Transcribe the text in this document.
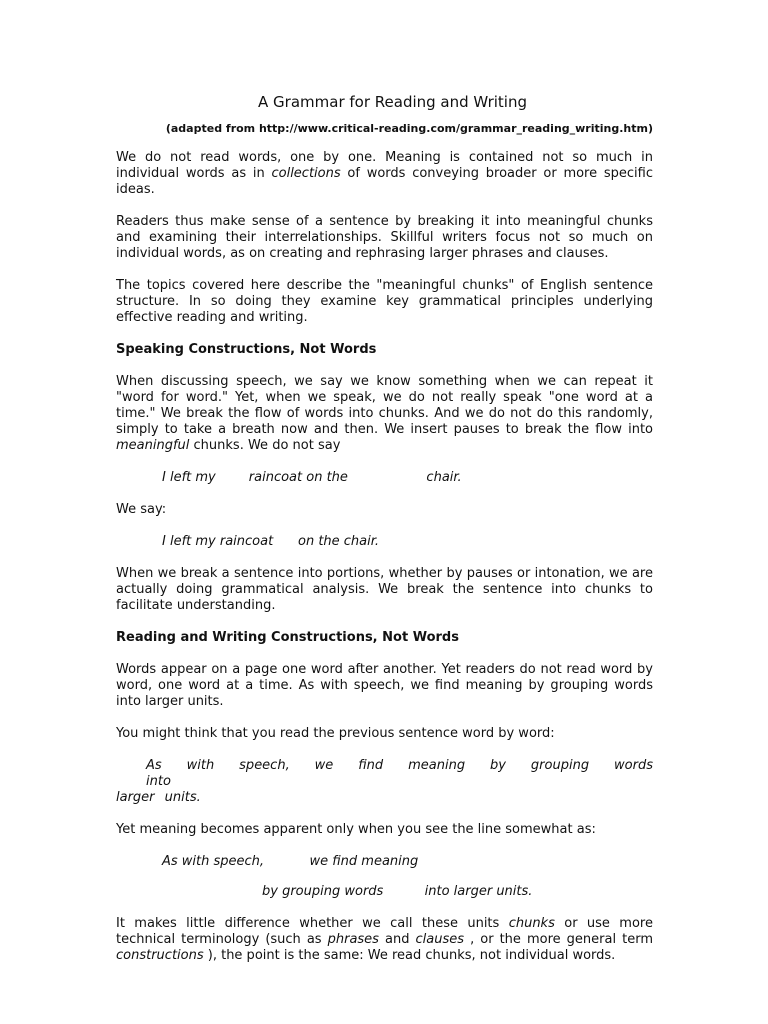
A Grammar for Reading and Writing
(adapted from http://www.critical-reading.com/grammar_reading_writing.htm)

We do not read words, one by one. Meaning is contained not so much in individual words as in collections of words conveying broader or more specific ideas.

Readers thus make sense of a sentence by breaking it into meaningful chunks and examining their interrelationships. Skillful writers focus not so much on individual words, as on creating and rephrasing larger phrases and clauses.

The topics covered here describe the "meaningful chunks" of English sentence structure. In so doing they examine key grammatical principles underlying effective reading and writing.

Speaking Constructions, Not Words

When discussing speech, we say we know something when we can repeat it "word for word." Yet, when we speak, we do not really speak "one word at a time." We break the flow of words into chunks. And we do not do this randomly, simply to take a breath now and then. We insert pauses to break the flow into meaningful chunks. We do not say

I left my        raincoat on the                   chair.

We say:

I left my raincoat      on the chair.

When we break a sentence into portions, whether by pauses or intonation, we are actually doing grammatical analysis. We break the sentence into chunks to facilitate understanding.

Reading and Writing Constructions, Not Words

Words appear on a page one word after another. Yet readers do not read word by word, one word at a time. As with speech, we find meaning by grouping words into larger units.

You might think that you read the previous sentence word by word:

As with speech, we find meaning by grouping words into
larger units.

Yet meaning becomes apparent only when you see the line somewhat as:

As with speech,           we find meaning
by grouping words          into larger units.

It makes little difference whether we call these units chunks or use more technical terminology (such as phrases and clauses , or the more general term constructions ), the point is the same: We read chunks, not individual words.
